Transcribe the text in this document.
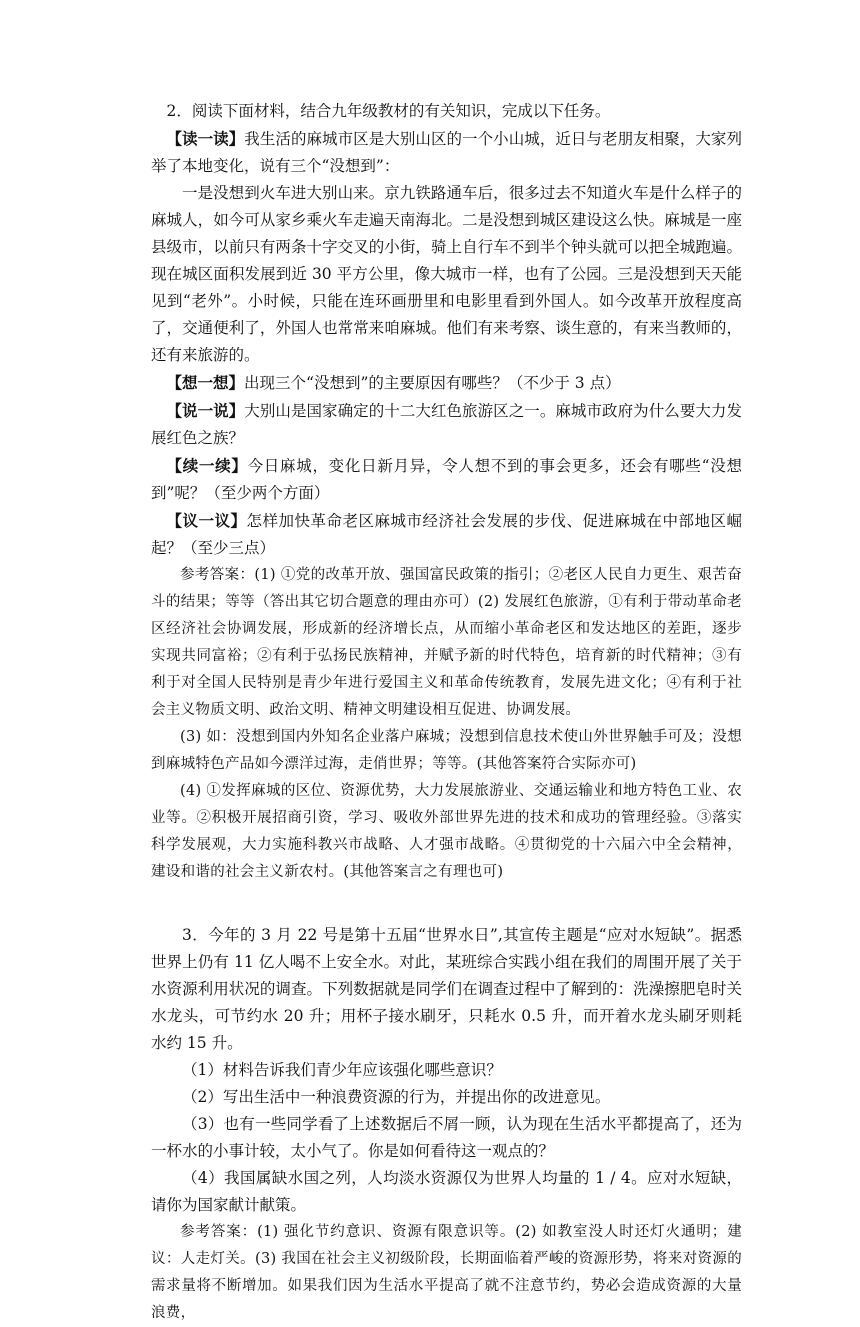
2．阅读下面材料，结合九年级教材的有关知识，完成以下任务。

【读一读】我生活的麻城市区是大别山区的一个小山城，近日与老朋友相聚，大家列举了本地变化，说有三个“没想到”：

一是没想到火车进大别山来。京九铁路通车后，很多过去不知道火车是什么样子的麻城人，如今可从家乡乘火车走遍天南海北。二是没想到城区建设这么快。麻城是一座县级市，以前只有两条十字交叉的小街，骑上自行车不到半个钟头就可以把全城跑遍。现在城区面积发展到近 30 平方公里，像大城市一样，也有了公园。三是没想到天天能见到“老外”。小时候，只能在连环画册里和电影里看到外国人。如今改革开放程度高了，交通便利了，外国人也常常来咱麻城。他们有来考察、谈生意的，有来当教师的，还有来旅游的。

【想一想】出现三个“没想到”的主要原因有哪些？（不少于 3 点）

【说一说】大别山是国家确定的十二大红色旅游区之一。麻城市政府为什么要大力发展红色之族？

【续一续】今日麻城，变化日新月异，令人想不到的事会更多，还会有哪些“没想到”呢？（至少两个方面）

【议一议】怎样加快革命老区麻城市经济社会发展的步伐、促进麻城在中部地区崛起？（至少三点）

参考答案：(1) ①党的改革开放、强国富民政策的指引；②老区人民自力更生、艰苦奋斗的结果；等等（答出其它切合题意的理由亦可）(2) 发展红色旅游，①有利于带动革命老区经济社会协调发展，形成新的经济增长点，从而缩小革命老区和发达地区的差距，逐步实现共同富裕；②有利于弘扬民族精神，并赋予新的时代特色，培育新的时代精神；③有利于对全国人民特别是青少年进行爱国主义和革命传统教育，发展先进文化；④有利于社会主义物质文明、政治文明、精神文明建设相互促进、协调发展。

(3) 如：没想到国内外知名企业落户麻城；没想到信息技术使山外世界触手可及；没想到麻城特色产品如今漂洋过海，走俏世界；等等。(其他答案符合实际亦可)

(4) ①发挥麻城的区位、资源优势，大力发展旅游业、交通运输业和地方特色工业、农业等。②积极开展招商引资，学习、吸收外部世界先进的技术和成功的管理经验。③落实科学发展观，大力实施科教兴市战略、人才强市战略。④贯彻党的十六届六中全会精神，建设和谐的社会主义新农村。(其他答案言之有理也可)

3．今年的 3 月 22 号是第十五届“世界水日”,其宣传主题是“应对水短缺”。据悉世界上仍有 11 亿人喝不上安全水。对此，某班综合实践小组在我们的周围开展了关于水资源利用状况的调查。下列数据就是同学们在调查过程中了解到的：洗澡擦肥皂时关水龙头，可节约水 20 升；用杯子接水刷牙，只耗水 0.5 升，而开着水龙头刷牙则耗水约 15 升。

（1）材料告诉我们青少年应该强化哪些意识？

（2）写出生活中一种浪费资源的行为，并提出你的改进意见。

（3）也有一些同学看了上述数据后不屑一顾，认为现在生活水平都提高了，还为一杯水的小事计较，太小气了。你是如何看待这一观点的？

（4）我国属缺水国之列，人均淡水资源仅为世界人均量的 1 / 4。应对水短缺，请你为国家献计献策。

参考答案：(1) 强化节约意识、资源有限意识等。(2) 如教室没人时还灯火通明；建议：人走灯关。(3) 我国在社会主义初级阶段，长期面临着严峻的资源形势，将来对资源的需求量将不断增加。如果我们因为生活水平提高了就不注意节约，势必会造成资源的大量浪费，
